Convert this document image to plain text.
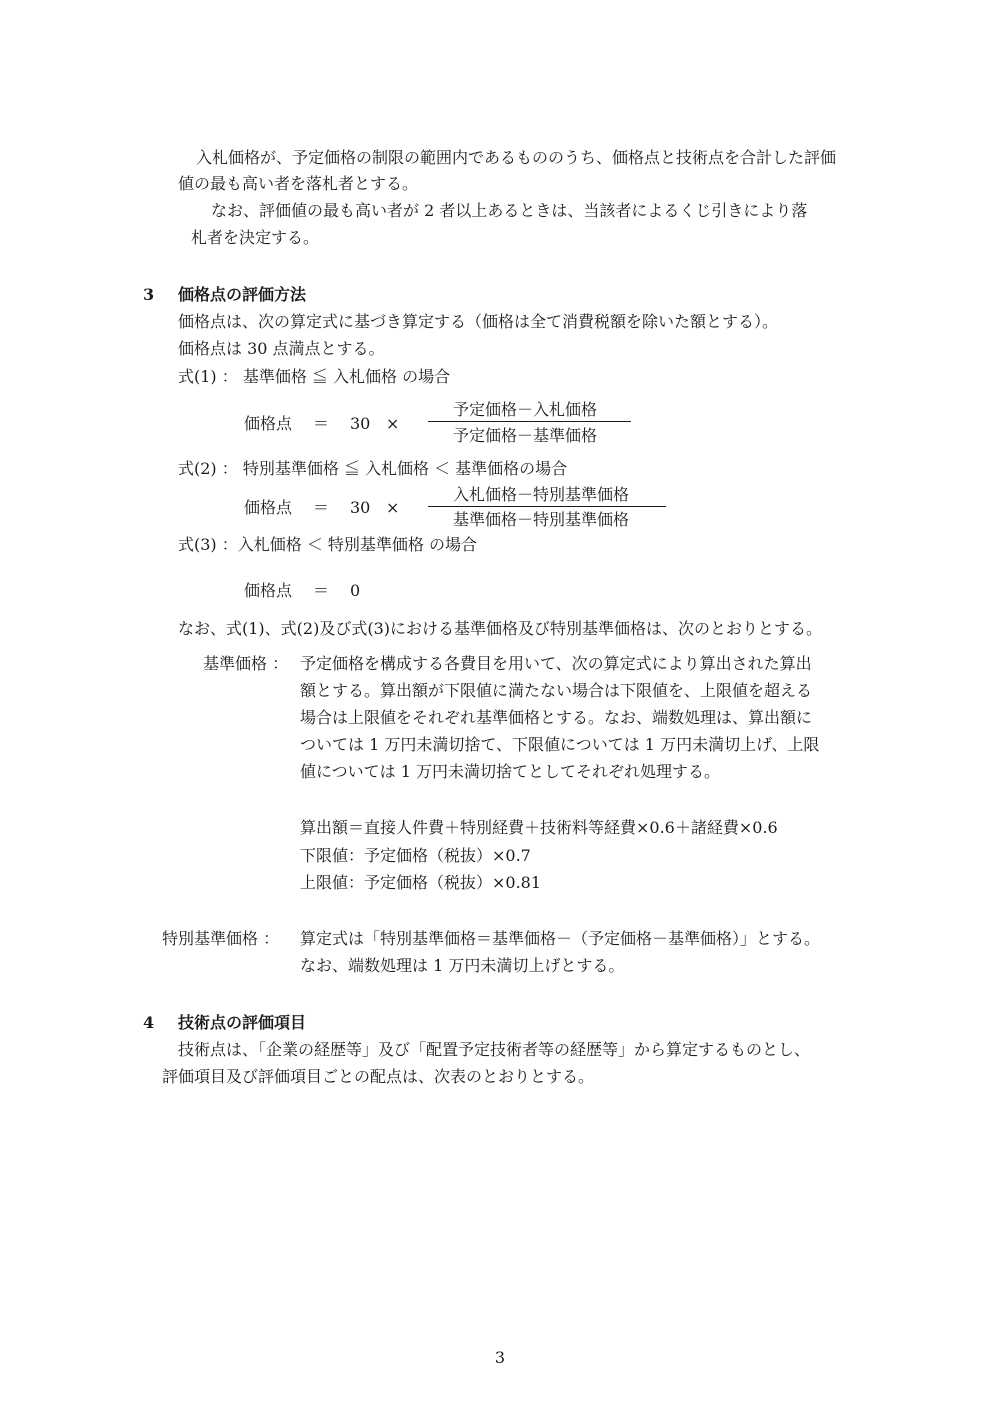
入札価格が、予定価格の制限の範囲内であるもののうち、価格点と技術点を合計した評価
値の最も高い者を落札者とする。
なお、評価値の最も高い者が 2 者以上あるときは、当該者によるくじ引きにより落
札者を決定する。
3 価格点の評価方法
価格点は、次の算定式に基づき算定する（価格は全て消費税額を除いた額とする）。
価格点は 30 点満点とする。
式(1) ： 基準価格 ≦ 入札価格 の場合
価格点 ＝ 30 ×
予定価格－入札価格
予定価格－基準価格
式(2) ： 特別基準価格 ≦ 入札価格 ＜ 基準価格の場合
価格点 ＝ 30 ×
入札価格－特別基準価格
基準価格－特別基準価格
式(3) ：入札価格 ＜ 特別基準価格 の場合
価格点 ＝ 0
なお、式(1)、式(2)及び式(3)における基準価格及び特別基準価格は、次のとおりとする。
基準価格 ： 予定価格を構成する各費目を用いて、次の算定式により算出された算出
額とする。算出額が下限値に満たない場合は下限値を、上限値を超える
場合は上限値をそれぞれ基準価格とする。なお、端数処理は、算出額に
ついては 1 万円未満切捨て、下限値については 1 万円未満切上げ、上限
値については 1 万円未満切捨てとしてそれぞれ処理する。
算出額＝直接人件費＋特別経費＋技術料等経費×0.6＋諸経費×0.6
下限値：予定価格（税抜）×0.7
上限値：予定価格（税抜）×0.81
特別基準価格 ： 算定式は「特別基準価格＝基準価格－（予定価格－基準価格）」とする。
なお、端数処理は 1 万円未満切上げとする。
4 技術点の評価項目
技術点は、「企業の経歴等」及び「配置予定技術者等の経歴等」から算定するものとし、
評価項目及び評価項目ごとの配点は、次表のとおりとする。
3
